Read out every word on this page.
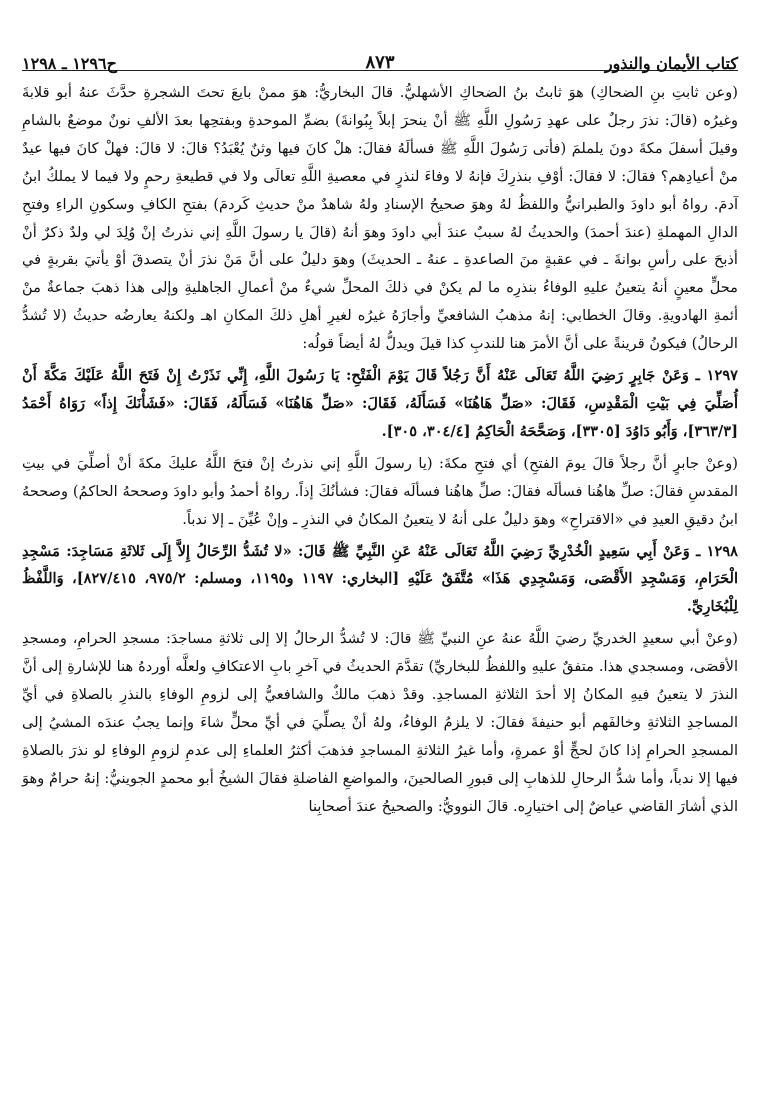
كتاب الأيمان والنذور
٨٧٣
ح١٢٩٦ ـ ١٢٩٨

(وعن ثابتِ بنِ الضحاكِ) هوَ ثابتُ بنُ الضحاكِ الأشهليُّ. قالَ البخاريُّ: هوَ ممنْ بايعَ تحتَ الشجرةِ حدَّثَ عنهُ أبو قلابةَ وغيرُه (قالَ: نذرَ رجلٌ على عهدِ رَسُولِ اللَّهِ ﷺ أنْ ينحرَ إبلاً بِبُوانةَ) بضمِّ الموحدةِ وبفتحِها بعدَ الألفِ نونٌ موضعٌ بالشامِ وقيلَ أسفلَ مكةَ دونَ يلملمَ (فأتى رَسُولَ اللَّهِ ﷺ فسألَهُ فقالَ: هلْ كانَ فيها وثنٌ يُعْبَدُ؟ قالَ: لا قالَ: فهلْ كانَ فيها عيدٌ منْ أعيادِهم؟ فقالَ: لا فقالَ: أوْفِ بنذرِكَ فإنهُ لا وفاءَ لنذرٍ في معصيةِ اللَّهِ تعالَى ولا في قطيعةِ رحمٍ ولا فيما لا يملكُ ابنُ آدمَ. رواهُ أبو داودَ والطبرانيُّ واللفظُ لهُ وهوَ صحيحُ الإسنادِ ولهُ شاهدٌ منْ حديثِ كَردمَ) بفتحِ الكافِ وسكونِ الراءِ وفتحِ الدالِ المهملةِ (عندَ أحمدَ) والحديثُ لهُ سببٌ عندَ أبي داودَ وهوَ أنهُ (قالَ يا رسولَ اللَّهِ إني نذرتُ إنْ وُلِدَ لي ولدٌ ذكرٌ أنْ أذبحَ على رأسِ بوانةَ ـ في عقبةٍ منَ الصاعدةِ ـ عنهُ ـ الحديثَ) وهوَ دليلٌ على أنَّ مَنْ نذرَ أنْ يتصدقَ أوْ يأتيَ بقربةٍ في محلٍّ معينٍ أنهُ يتعينُ عليهِ الوفاءُ بنذرِه ما لم يكنْ في ذلكَ المحلِّ شيءٌ منْ أعمالِ الجاهليةِ وإلى هذا ذهبَ جماعةٌ منْ أئمةِ الهادويةِ. وقالَ الخطابي: إنهُ مذهبُ الشافعيِّ وأجازَهُ غيرُه لغيرِ أهلِ ذلكَ المكانِ اهـ ولكنهُ يعارضُه حديثُ (لا تُشدُّ الرحالُ) فيكونُ قرينةً على أنَّ الأمرَ هنا للندبِ كذا قيلَ ويدلُّ لهُ أيضاً قولُه:

١٢٩٧ ـ وَعَنْ جَابِرٍ رَضِيَ اللَّهُ تَعَالَى عَنْهُ أَنَّ رَجُلاً قَالَ يَوْمَ الْفَتْحِ: يَا رَسُولَ اللَّهِ، إِنِّي نَذَرْتُ إِنْ فَتَحَ اللَّهُ عَلَيْكَ مَكَّةَ أَنْ أُصَلِّيَ فِي بَيْتِ الْمَقْدِسِ، فَقَالَ: «صَلِّ هَاهُنَا» فَسَأَلَهُ، فَقَالَ: «صَلِّ هَاهُنَا» فَسَأَلَهُ، فَقَالَ: «فَشَأْنَكَ إِذاً» رَوَاهُ أَحْمَدُ [٣٦٣/٣]، وَأَبُو دَاوُدَ [٣٣٠٥]، وَصَحَّحَهُ الْحَاكِمُ [٣٠٤/٤، ٣٠٥].

(وعنْ جابرٍ أنَّ رجلاً قالَ يومَ الفتحِ) أي فتحِ مكةَ: (يا رسولَ اللَّهِ إني نذرتُ إنْ فتحَ اللَّهُ عليكَ مكةَ أنْ أصلِّيَ في بيتِ المقدسِ فقالَ: صلِّ هاهُنا فسألَه فقالَ: صلِّ هاهُنا فسألَه فقالَ: فشأنُكَ إذاً. رواهُ أحمدُ وأبو داودَ وصححهُ الحاكمُ) وصححهُ ابنُ دقيقِ العيدِ في «الاقتراحِ» وهوَ دليلٌ على أنهُ لا يتعينُ المكانُ في النذرِ ـ وإنْ عُيِّنَ ـ إلا ندباً.

١٢٩٨ ـ وَعَنْ أَبِي سَعِيدٍ الْخُدْرِيِّ رَضِيَ اللَّهُ تَعَالَى عَنْهُ عَنِ النَّبِيِّ ﷺ قَالَ: «لا تُشَدُّ الرِّحَالُ إِلاَّ إِلَى ثَلاثَةِ مَسَاجِدَ: مَسْجِدِ الْحَرَامِ، وَمَسْجِدِ الأَقْصَى، وَمَسْجِدِي هَذَا» مُتَّفَقٌ عَلَيْهِ [البخاري: ١١٩٧ و١١٩٥، ومسلم: ٩٧٥/٢، ٨٢٧/٤١٥]، وَاللَّفْظُ لِلْبُخَارِيِّ.

(وعنْ أبي سعيدٍ الخدريِّ رضيَ اللَّهُ عنهُ عنِ النبيِّ ﷺ قالَ: لا تُشدُّ الرحالُ إلا إلى ثلاثةِ مساجدَ: مسجدِ الحرامِ، ومسجدِ الأقصَى، ومسجدي هذا. متفقٌ عليهِ واللفظُ للبخاريِّ) تقدَّمَ الحديثُ في آخرِ بابِ الاعتكافِ ولعلَّه أوردهُ هنا للإشارةِ إلى أنَّ النذرَ لا يتعينُ فيهِ المكانُ إلا أحدَ الثلاثةِ المساجدِ. وقدْ ذهبَ مالكٌ والشافعيُّ إلى لزومِ الوفاءِ بالنذرِ بالصلاةِ في أيِّ المساجدِ الثلاثةِ وخالفَهم أبو حنيفةَ فقالَ: لا يلزمُ الوفاءُ، ولهُ أنْ يصلِّيَ في أيِّ محلٍّ شاءَ وإنما يجبُ عندَه المشيُ إلى المسجدِ الحرامِ إذا كانَ لحجٍّ أوْ عمرةٍ، وأما غيرُ الثلاثةِ المساجدِ فذهبَ أكثرُ العلماءِ إلى عدمِ لزومِ الوفاءِ لو نذرَ بالصلاةِ فيها إلا ندباً، وأما شدُّ الرحالِ للذهابِ إلى قبورِ الصالحينَ، والمواضعِ الفاضلةِ فقالَ الشيخُ أبو محمدٍ الجوينيُّ: إنهُ حرامٌ وهوَ الذي أشارَ القاضي عياضٌ إلى اختيارِه. قالَ النوويُّ: والصحيحُ عندَ أصحابِنا
